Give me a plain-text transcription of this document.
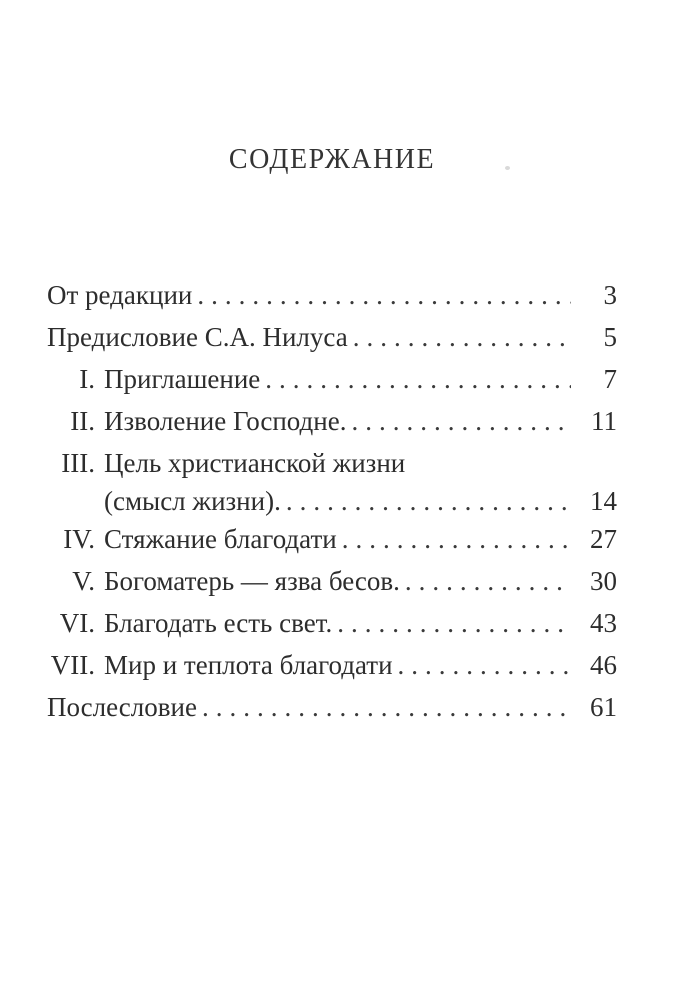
СОДЕРЖАНИЕ
От редакции .....	3
Предисловие С.А. Нилуса .....	5
I. Приглашение .....	7
II. Изволение Господне. .....	11
III. Цель христианской жизни
(смысл жизни). .....	14
IV. Стяжание благодати .....	27
V. Богоматерь — язва бесов. .....	30
VI. Благодать есть свет. .....	43
VII. Мир и теплота благодати .....	46
Послесловие .....	61
